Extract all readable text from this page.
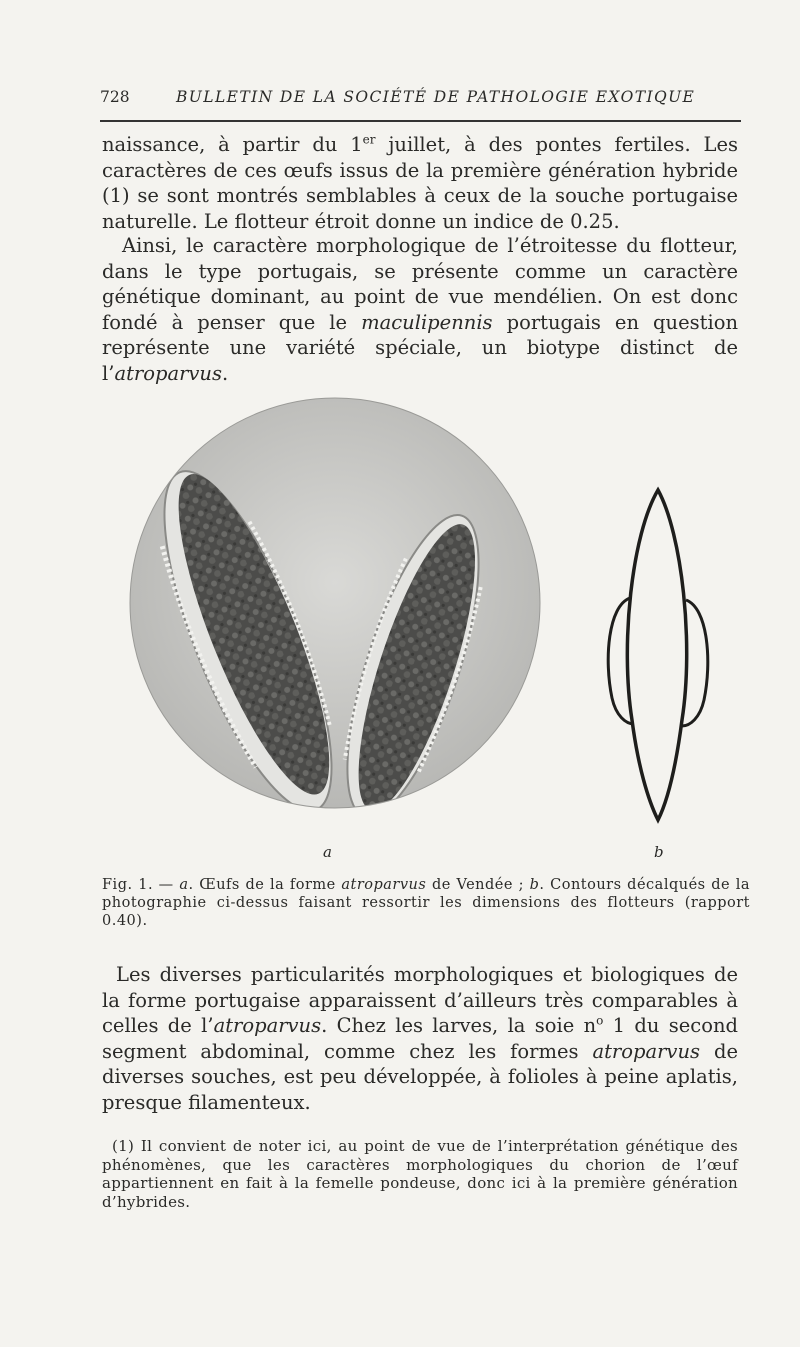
728	BULLETIN DE LA SOCIÉTÉ DE PATHOLOGIE EXOTIQUE

naissance, à partir du 1er juillet, à des pontes fertiles. Les caractères de ces œufs issus de la première génération hybride (1) se sont montrés semblables à ceux de la souche portugaise naturelle. Le flotteur étroit donne un indice de 0.25.

Ainsi, le caractère morphologique de l’étroitesse du flotteur, dans le type portugais, se présente comme un caractère génétique dominant, au point de vue mendélien. On est donc fondé à penser que le maculipennis portugais en question représente une variété spéciale, un biotype distinct de l’atroparvus.

a	b

Fig. 1. — a. Œufs de la forme atroparvus de Vendée ; b. Contours décalqués de la photographie ci-dessus faisant ressortir les dimensions des flotteurs (rapport 0.40).

Les diverses particularités morphologiques et biologiques de la forme portugaise apparaissent d’ailleurs très comparables à celles de l’atroparvus. Chez les larves, la soie $n^o$ 1 du second segment abdominal, comme chez les formes atroparvus de diverses souches, est peu développée, à folioles à peine aplatis, presque filamenteux.

(1) Il convient de noter ici, au point de vue de l’interprétation génétique des phénomènes, que les caractères morphologiques du chorion de l’œuf appartiennent en fait à la femelle pondeuse, donc ici à la première génération d’hybrides.
